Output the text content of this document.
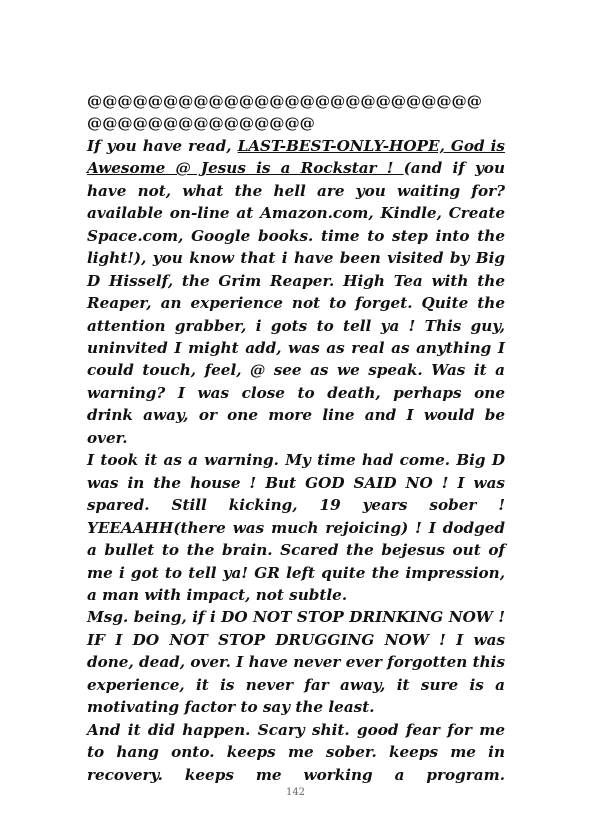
@@@@@@@@@@@@@@@@@@@@@@@@@@

@@@@@@@@@@@@@@@

If you have read, LAST-BEST-ONLY-HOPE, God is Awesome @ Jesus is a Rockstar ! (and if you have not, what the hell are you waiting for? available on-line at Amazon.com, Kindle, Create Space.com, Google books. time to step into the light!), you know that i have been visited by Big D Hisself, the Grim Reaper. High Tea with the Reaper, an experience not to forget. Quite the attention grabber, i gots to tell ya ! This guy, uninvited I might add, was as real as anything I could touch, feel, @ see as we speak. Was it a warning? I was close to death, perhaps one drink away, or one more line and I would be over.

I took it as a warning. My time had come. Big D was in the house ! But GOD SAID NO ! I was spared. Still kicking, 19 years sober ! YEEAAHH(there was much rejoicing) ! I dodged a bullet to the brain. Scared the bejesus out of me i got to tell ya! GR left quite the impression, a man with impact, not subtle.

Msg. being, if i DO NOT STOP DRINKING NOW ! IF I DO NOT STOP DRUGGING NOW ! I was done, dead, over. I have never ever forgotten this experience, it is never far away, it sure is a motivating factor to say the least.

And it did happen. Scary shit. good fear for me to hang onto. keeps me sober. keeps me in recovery. keeps me working a program.

142
